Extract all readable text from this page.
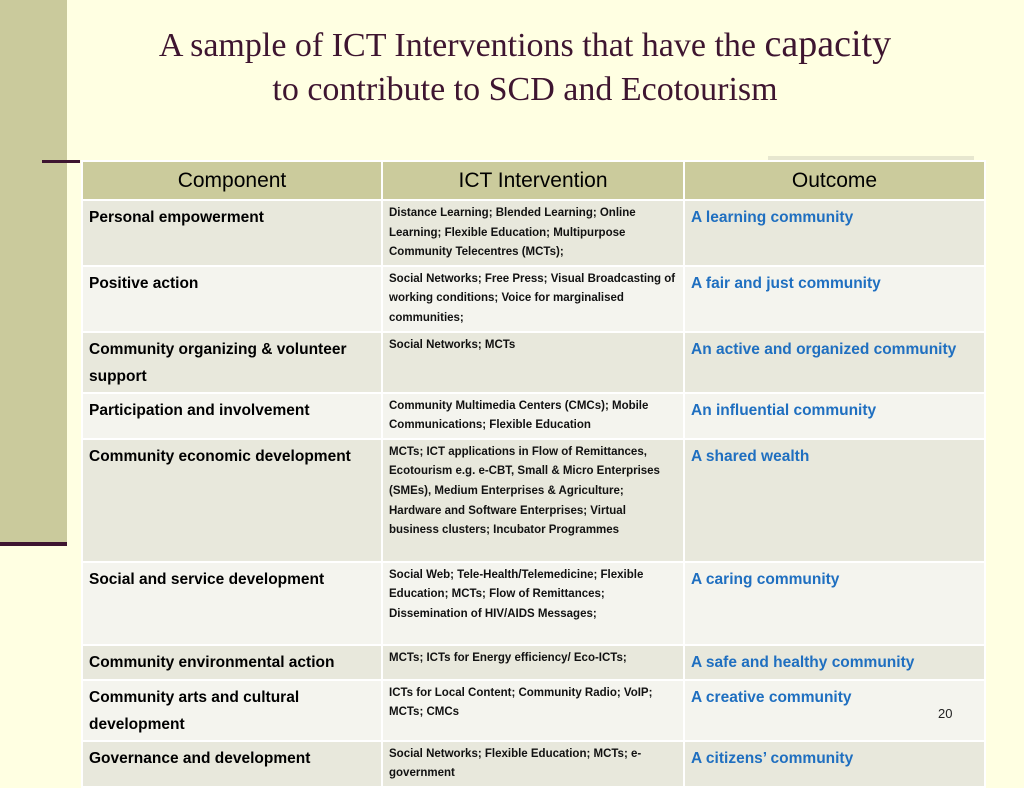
A sample of ICT Interventions that have the capacity
to contribute to SCD and Ecotourism
Component	ICT Intervention	Outcome
Personal empowerment	Distance Learning; Blended Learning; Online Learning; Flexible Education; Multipurpose Community Telecentres (MCTs);	A learning community
Positive action	Social Networks; Free Press; Visual Broadcasting of working conditions; Voice for marginalised communities;	A fair and just community
Community organizing & volunteer support	Social Networks; MCTs	An active and organized community
Participation and involvement	Community Multimedia Centers (CMCs); Mobile Communications; Flexible Education	An influential community
Community economic development	MCTs; ICT applications in Flow of Remittances, Ecotourism e.g. e-CBT, Small & Micro Enterprises (SMEs), Medium Enterprises & Agriculture; Hardware and Software Enterprises; Virtual business clusters; Incubator Programmes	A shared wealth
Social and service development	Social Web; Tele-Health/Telemedicine; Flexible Education; MCTs; Flow of Remittances; Dissemination of HIV/AIDS Messages;	A caring community
Community environmental action	MCTs; ICTs for Energy efficiency/ Eco-ICTs;	A safe and healthy community
Community arts and cultural development	ICTs for Local Content; Community Radio; VoIP; MCTs; CMCs	A creative community
Governance and development	Social Networks; Flexible Education; MCTs; e-government	A citizens’ community
20
